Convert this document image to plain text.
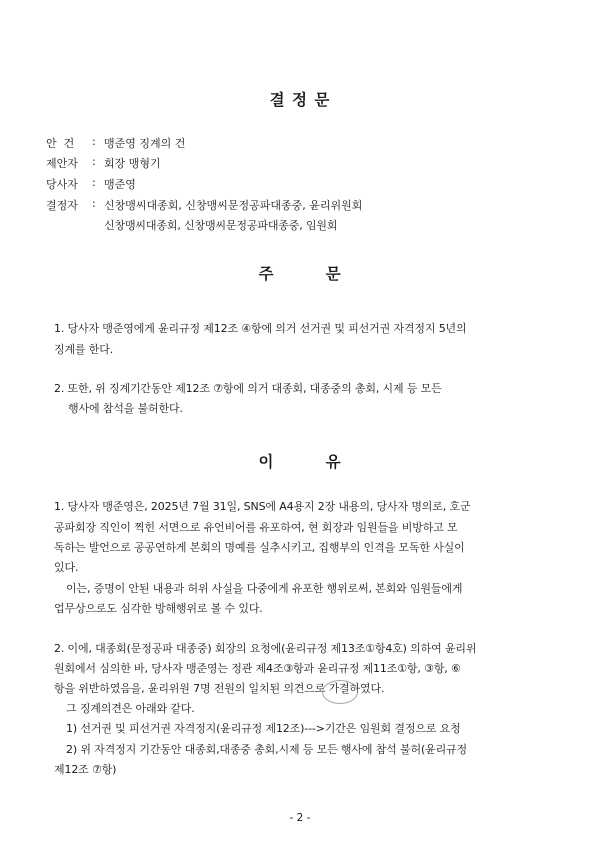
결 정 문
안  건	: 맹준영 징계의 건
제안자	: 회장 맹형기
당사자	: 맹준영
결정자	: 신창맹씨대종회, 신창맹씨문정공파대종중, 윤리위원회
신창맹씨대종회, 신창맹씨문정공파대종중, 임원회
주        문
1. 당사자 맹준영에게 윤리규정 제12조 ④항에 의거 선거권 및 피선거권 자격정지 5년의
징계를 한다.
2. 또한, 위 징계기간동안 제12조 ⑦항에 의거 대종회, 대종중의 총회, 시제 등 모든
행사에 참석을 불허한다.
이        유
1. 당사자 맹준영은, 2025년 7월 31일, SNS에 A4용지 2장 내용의, 당사자 명의로, 호군
공파회장 직인이 찍힌 서면으로 유언비어를 유포하여, 현 회장과 임원들을 비방하고 모
독하는 발언으로 공공연하게 본회의 명예를 실추시키고, 집행부의 인격을 모독한 사실이
있다.
이는, 증명이 안된 내용과 허위 사실을 다중에게 유포한 행위로써, 본회와 임원들에게
업무상으로도 심각한 방해행위로 볼 수 있다.
2. 이에, 대종회(문정공파 대종중) 회장의 요청에(윤리규정 제13조①항4호) 의하여 윤리위
원회에서 심의한 바, 당사자 맹준영는 정관 제4조③항과 윤리규정 제11조①항, ③항, ⑥
항을 위반하였음을, 윤리위원 7명 전원의 일치된 의견으로 가결하였다.
그 징계의견은 아래와 같다.
1) 선거권 및 피선거권 자격정지(윤리규정 제12조)--->기간은 임원회 결정으로 요청
2) 위 자격정지 기간동안 대종회,대종중 총회,시제 등 모든 행사에 참석 불허(윤리규정
제12조 ⑦항)
- 2 -
